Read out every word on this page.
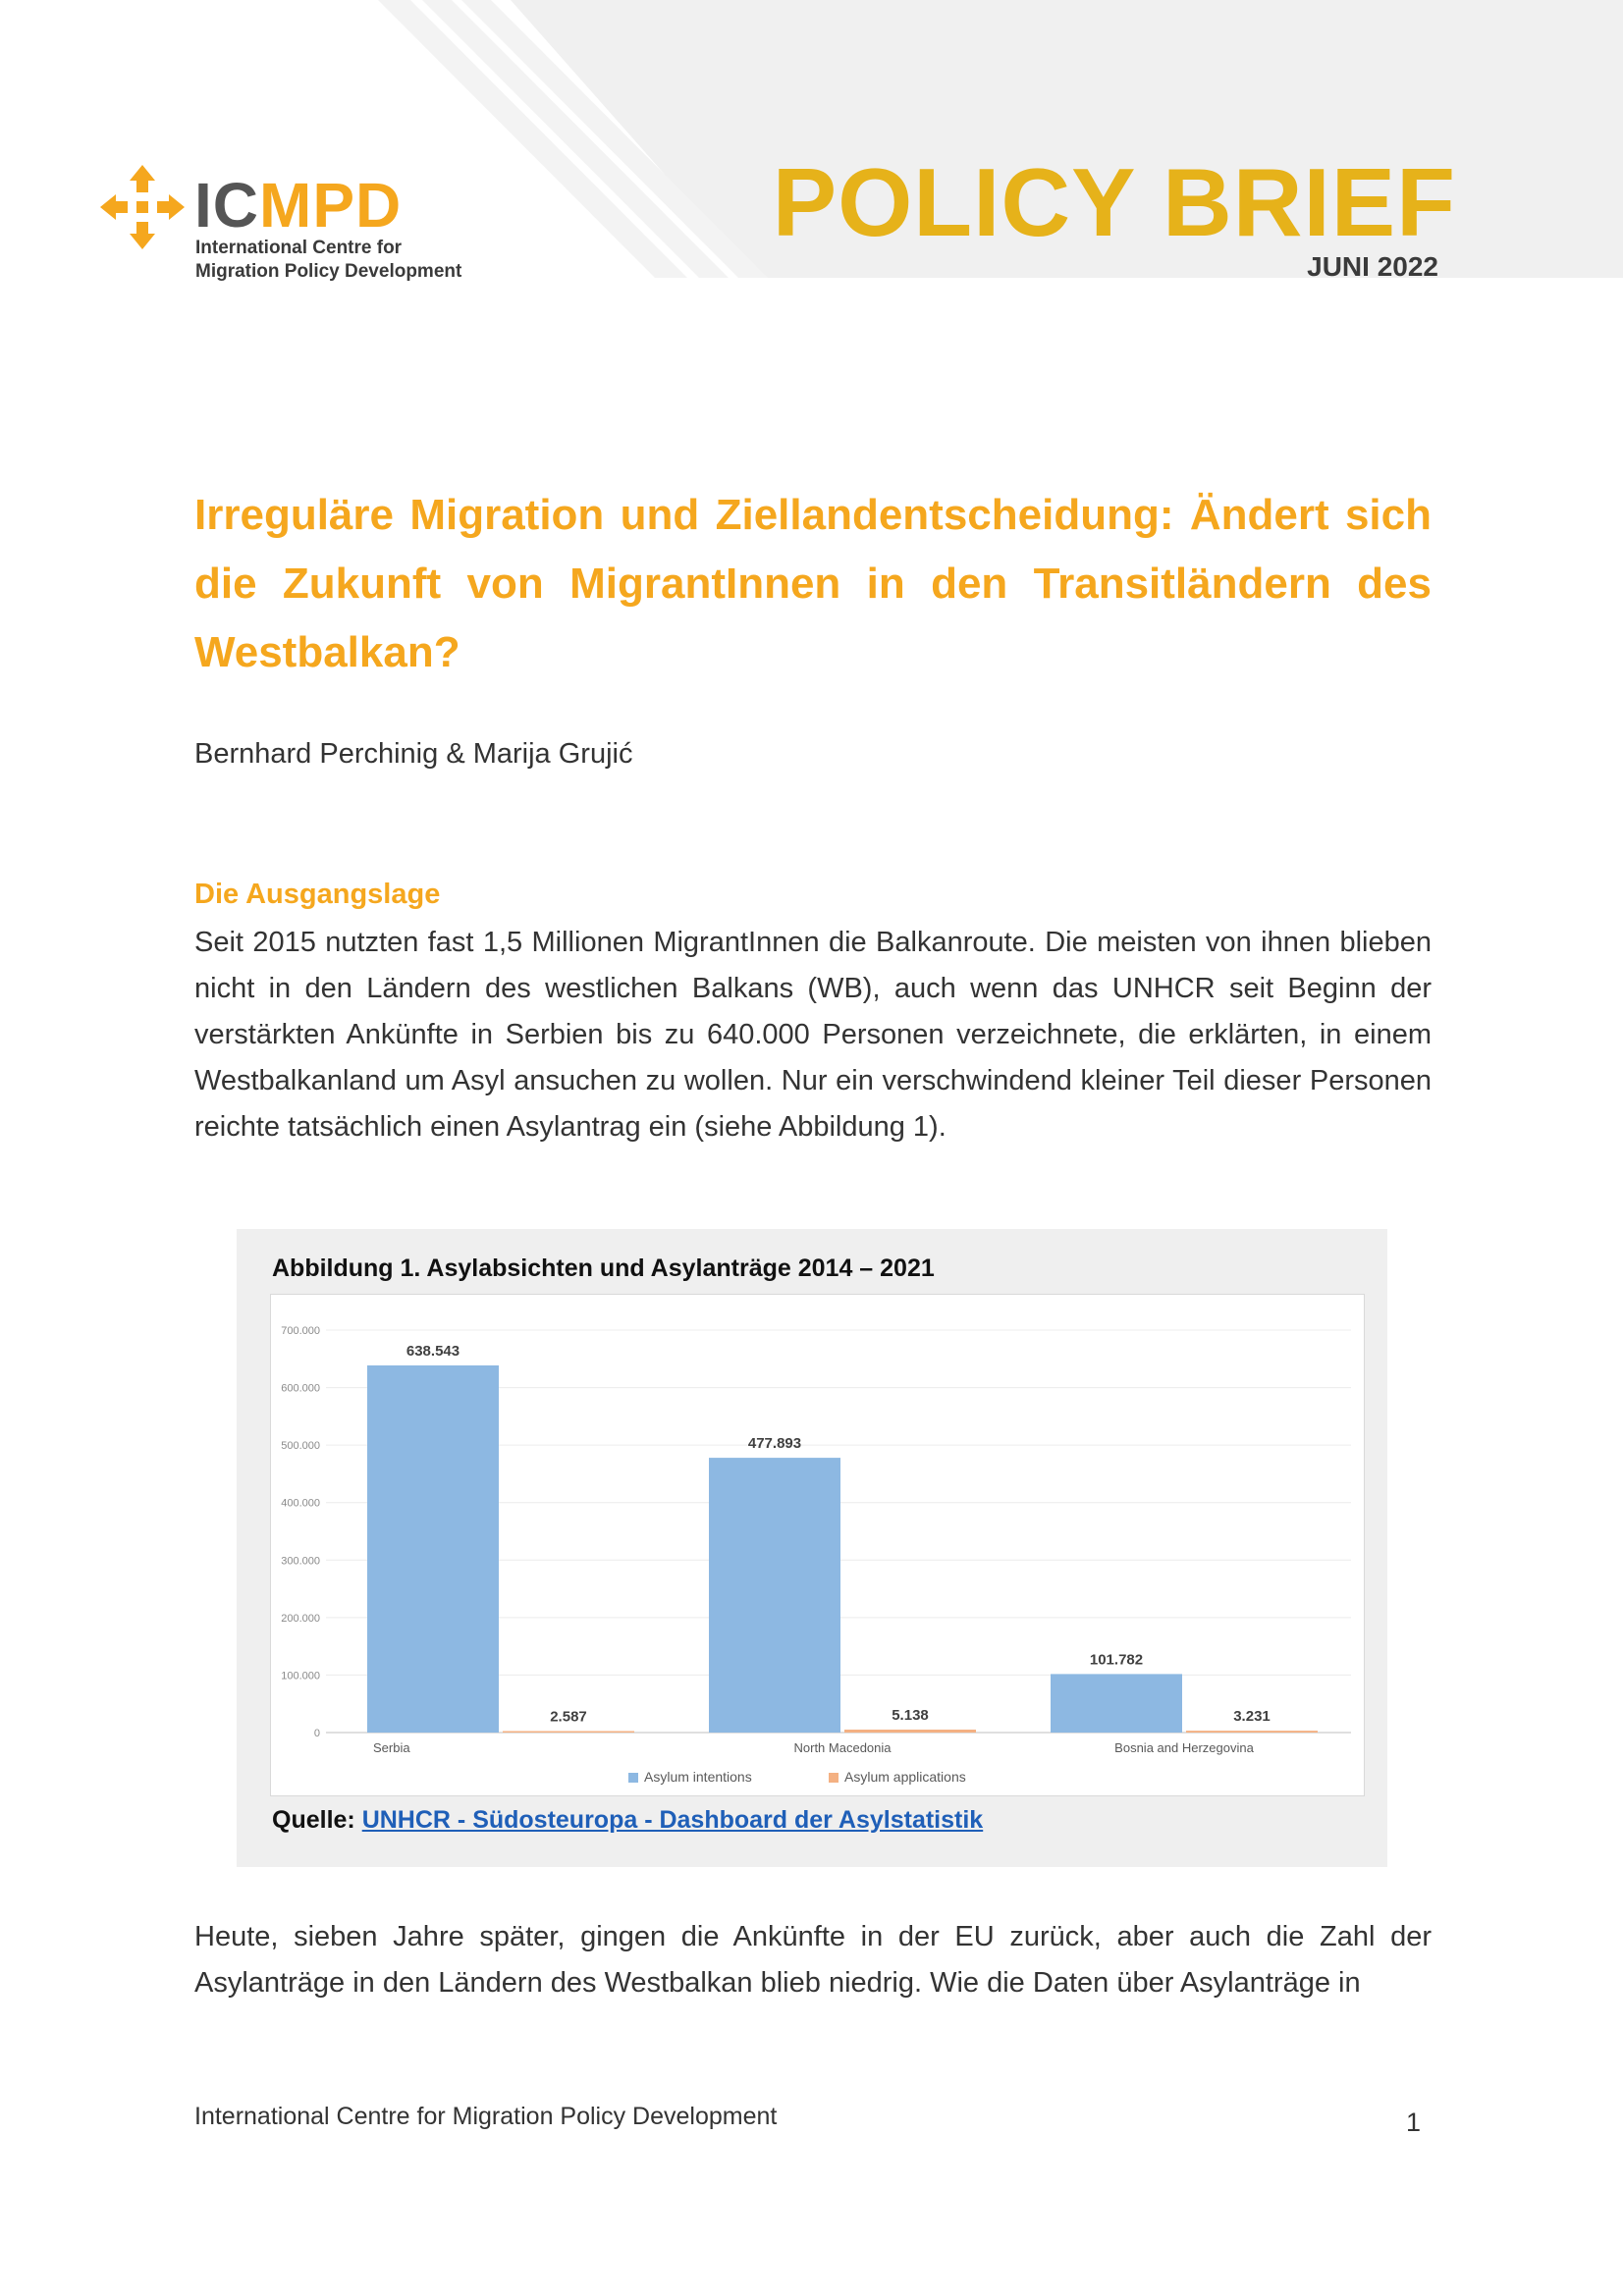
ICMPD
International Centre for
Migration Policy Development
POLICY BRIEF
JUNI 2022
Irreguläre Migration und Ziellandentscheidung: Ändert sich die Zukunft von MigrantInnen in den Transitländern des Westbalkan?
Bernhard Perchinig & Marija Grujić
Die Ausgangslage

Seit 2015 nutzten fast 1,5 Millionen MigrantInnen die Balkanroute. Die meisten von ihnen blieben nicht in den Ländern des westlichen Balkans (WB), auch wenn das UNHCR seit Beginn der verstärkten Ankünfte in Serbien bis zu 640.000 Personen verzeichnete, die erklärten, in einem Westbalkanland um Asyl ansuchen zu wollen. Nur ein verschwindend kleiner Teil dieser Personen reichte tatsächlich einen Asylantrag ein (siehe Abbildung 1).

Abbildung 1. Asylabsichten und Asylanträge 2014 – 2021
0
100.000
200.000
300.000
400.000
500.000
600.000
700.000
638.543
2.587
Serbia
477.893
5.138
North Macedonia
101.782
3.231
Bosnia and Herzegovina
Asylum intentions	Asylum applications
Quelle: UNHCR - Südosteuropa - Dashboard der Asylstatistik

Heute, sieben Jahre später, gingen die Ankünfte in der EU zurück, aber auch die Zahl der Asylanträge in den Ländern des Westbalkan blieb niedrig. Wie die Daten über Asylanträge in

International Centre for Migration Policy Development	1
